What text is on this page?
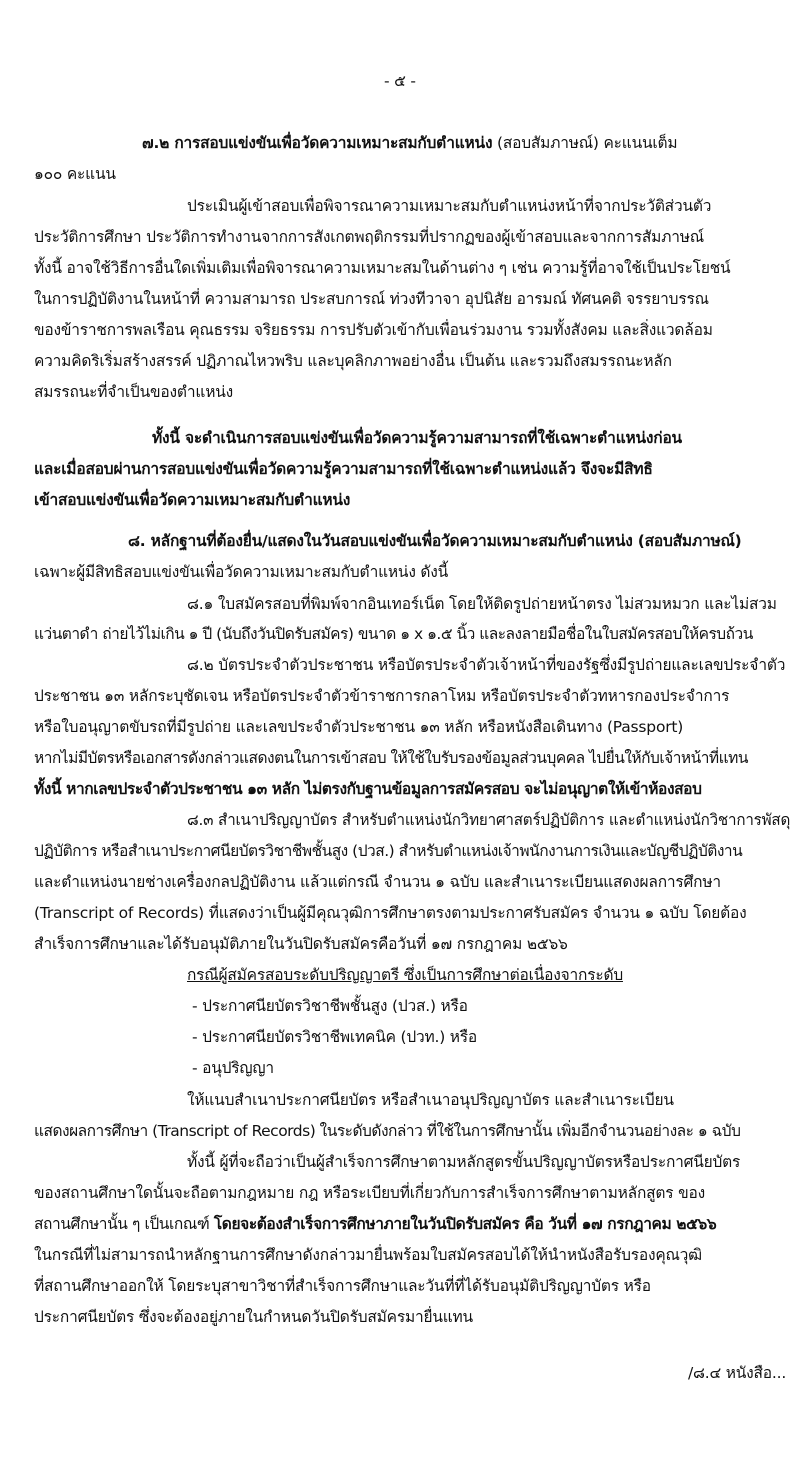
- ๕ -
๗.๒ การสอบแข่งขันเพื่อวัดความเหมาะสมกับตำแหน่ง (สอบสัมภาษณ์) คะแนนเต็ม
๑๐๐ คะแนน
ประเมินผู้เข้าสอบเพื่อพิจารณาความเหมาะสมกับตำแหน่งหน้าที่จากประวัติส่วนตัว
ประวัติการศึกษา ประวัติการทำงานจากการสังเกตพฤติกรรมที่ปรากฏของผู้เข้าสอบและจากการสัมภาษณ์
ทั้งนี้ อาจใช้วิธีการอื่นใดเพิ่มเติมเพื่อพิจารณาความเหมาะสมในด้านต่าง ๆ เช่น ความรู้ที่อาจใช้เป็นประโยชน์
ในการปฏิบัติงานในหน้าที่ ความสามารถ ประสบการณ์ ท่วงทีวาจา อุปนิสัย อารมณ์ ทัศนคติ จรรยาบรรณ
ของข้าราชการพลเรือน คุณธรรม จริยธรรม การปรับตัวเข้ากับเพื่อนร่วมงาน รวมทั้งสังคม และสิ่งแวดล้อม
ความคิดริเริ่มสร้างสรรค์ ปฏิภาณไหวพริบ และบุคลิกภาพอย่างอื่น เป็นต้น และรวมถึงสมรรถนะหลัก
สมรรถนะที่จำเป็นของตำแหน่ง
ทั้งนี้ จะดำเนินการสอบแข่งขันเพื่อวัดความรู้ความสามารถที่ใช้เฉพาะตำแหน่งก่อน
และเมื่อสอบผ่านการสอบแข่งขันเพื่อวัดความรู้ความสามารถที่ใช้เฉพาะตำแหน่งแล้ว จึงจะมีสิทธิ
เข้าสอบแข่งขันเพื่อวัดความเหมาะสมกับตำแหน่ง
๘. หลักฐานที่ต้องยื่น/แสดงในวันสอบแข่งขันเพื่อวัดความเหมาะสมกับตำแหน่ง (สอบสัมภาษณ์)
เฉพาะผู้มีสิทธิสอบแข่งขันเพื่อวัดความเหมาะสมกับตำแหน่ง ดังนี้
๘.๑ ใบสมัครสอบที่พิมพ์จากอินเทอร์เน็ต โดยให้ติดรูปถ่ายหน้าตรง ไม่สวมหมวก และไม่สวม
แว่นตาดำ ถ่ายไว้ไม่เกิน ๑ ปี (นับถึงวันปิดรับสมัคร) ขนาด ๑ x ๑.๕ นิ้ว และลงลายมือชื่อในใบสมัครสอบให้ครบถ้วน
๘.๒ บัตรประจำตัวประชาชน หรือบัตรประจำตัวเจ้าหน้าที่ของรัฐซึ่งมีรูปถ่ายและเลขประจำตัว
ประชาชน ๑๓ หลักระบุชัดเจน หรือบัตรประจำตัวข้าราชการกลาโหม หรือบัตรประจำตัวทหารกองประจำการ
หรือใบอนุญาตขับรถที่มีรูปถ่าย และเลขประจำตัวประชาชน ๑๓ หลัก หรือหนังสือเดินทาง (Passport)
หากไม่มีบัตรหรือเอกสารดังกล่าวแสดงตนในการเข้าสอบ ให้ใช้ใบรับรองข้อมูลส่วนบุคคล ไปยื่นให้กับเจ้าหน้าที่แทน
ทั้งนี้ หากเลขประจำตัวประชาชน ๑๓ หลัก ไม่ตรงกับฐานข้อมูลการสมัครสอบ จะไม่อนุญาตให้เข้าห้องสอบ
๘.๓ สำเนาปริญญาบัตร สำหรับตำแหน่งนักวิทยาศาสตร์ปฏิบัติการ และตำแหน่งนักวิชาการพัสดุ
ปฏิบัติการ หรือสำเนาประกาศนียบัตรวิชาชีพชั้นสูง (ปวส.) สำหรับตำแหน่งเจ้าพนักงานการเงินและบัญชีปฏิบัติงาน
และตำแหน่งนายช่างเครื่องกลปฏิบัติงาน แล้วแต่กรณี จำนวน ๑ ฉบับ และสำเนาระเบียนแสดงผลการศึกษา
(Transcript of Records) ที่แสดงว่าเป็นผู้มีคุณวุฒิการศึกษาตรงตามประกาศรับสมัคร จำนวน ๑ ฉบับ โดยต้อง
สำเร็จการศึกษาและได้รับอนุมัติภายในวันปิดรับสมัครคือวันที่ ๑๗ กรกฎาคม ๒๕๖๖
กรณีผู้สมัครสอบระดับปริญญาตรี ซึ่งเป็นการศึกษาต่อเนื่องจากระดับ
- ประกาศนียบัตรวิชาชีพชั้นสูง (ปวส.) หรือ
- ประกาศนียบัตรวิชาชีพเทคนิค (ปวท.) หรือ
- อนุปริญญา
ให้แนบสำเนาประกาศนียบัตร หรือสำเนาอนุปริญญาบัตร และสำเนาระเบียน
แสดงผลการศึกษา (Transcript of Records) ในระดับดังกล่าว ที่ใช้ในการศึกษานั้น เพิ่มอีกจำนวนอย่างละ ๑ ฉบับ
ทั้งนี้ ผู้ที่จะถือว่าเป็นผู้สำเร็จการศึกษาตามหลักสูตรขั้นปริญญาบัตรหรือประกาศนียบัตร
ของสถานศึกษาใดนั้นจะถือตามกฎหมาย กฎ หรือระเบียบที่เกี่ยวกับการสำเร็จการศึกษาตามหลักสูตร ของ
สถานศึกษานั้น ๆ เป็นเกณฑ์ โดยจะต้องสำเร็จการศึกษาภายในวันปิดรับสมัคร คือ วันที่ ๑๗ กรกฎาคม ๒๕๖๖
ในกรณีที่ไม่สามารถนำหลักฐานการศึกษาดังกล่าวมายื่นพร้อมใบสมัครสอบได้ให้นำหนังสือรับรองคุณวุฒิ
ที่สถานศึกษาออกให้ โดยระบุสาขาวิชาที่สำเร็จการศึกษาและวันที่ที่ได้รับอนุมัติปริญญาบัตร หรือ
ประกาศนียบัตร ซึ่งจะต้องอยู่ภายในกำหนดวันปิดรับสมัครมายื่นแทน
/๘.๔ หนังสือ...
